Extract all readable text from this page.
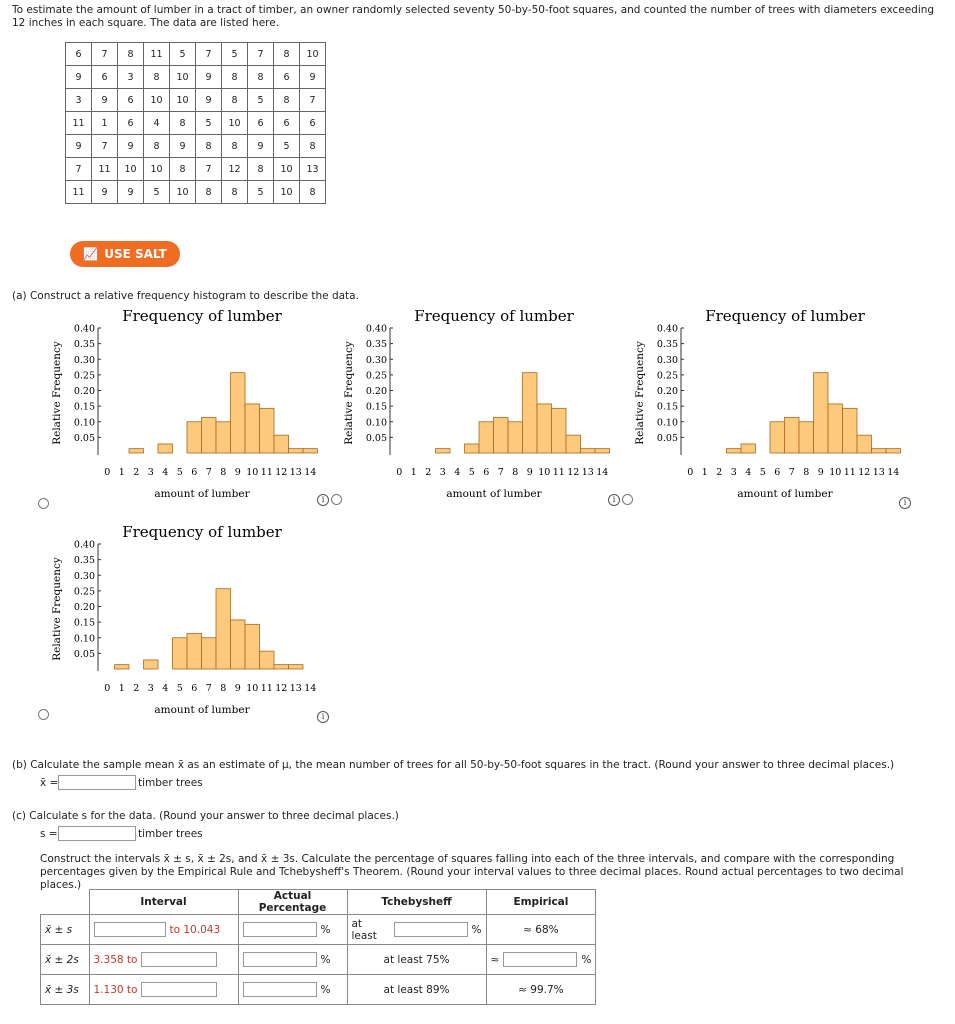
To estimate the amount of lumber in a tract of timber, an owner randomly selected seventy 50-by-50-foot squares, and counted the number of trees with diameters exceeding 12 inches in each square. The data are listed here.
6	7	8	11	5	7	5	7	8	10
9	6	3	8	10	9	8	8	6	9
3	9	6	10	10	9	8	5	8	7
11	1	6	4	8	5	10	6	6	6
9	7	9	8	9	8	8	9	5	8
7	11	10	10	8	7	12	8	10	13
11	9	9	5	10	8	8	5	10	8
📈 USE SALT
(a) Construct a relative frequency histogram to describe the data.
Frequency of lumber
0.05
0.10
0.15
0.20
0.25
0.30
0.35
0.40
Relative Frequency
0 1 2 3 4 5 6 7 8 9 10 11 12 13 14
amount of lumber
Frequency of lumber
0.05
0.10
0.15
0.20
0.25
0.30
0.35
0.40
Relative Frequency
0 1 2 3 4 5 6 7 8 9 10 11 12 13 14
amount of lumber
Frequency of lumber
0.05
0.10
0.15
0.20
0.25
0.30
0.35
0.40
Relative Frequency
0 1 2 3 4 5 6 7 8 9 10 11 12 13 14
amount of lumber
Frequency of lumber
0.05
0.10
0.15
0.20
0.25
0.30
0.35
0.40
Relative Frequency
0 1 2 3 4 5 6 7 8 9 10 11 12 13 14
amount of lumber
i	i	i
i
(b) Calculate the sample mean x̄ as an estimate of μ, the mean number of trees for all 50-by-50-foot squares in the tract. (Round your answer to three decimal places.)
x̄ =	timber trees
(c) Calculate s for the data. (Round your answer to three decimal places.)
s =	timber trees
Construct the intervals x̄ ± s, x̄ ± 2s, and x̄ ± 3s. Calculate the percentage of squares falling into each of the three intervals, and compare with the corresponding percentages given by the Empirical Rule and Tchebysheff's Theorem. (Round your interval values to three decimal places. Round actual percentages to two decimal places.)
	Interval	Actual Percentage	Tchebysheff	Empirical
x̄ ± s	to 10.043	%	at least %	≈ 68%
x̄ ± 2s	3.358 to	%	at least 75%	≈ %

x̄ ± 3s	1.130 to	%	at least 89%	≈ 99.7%
